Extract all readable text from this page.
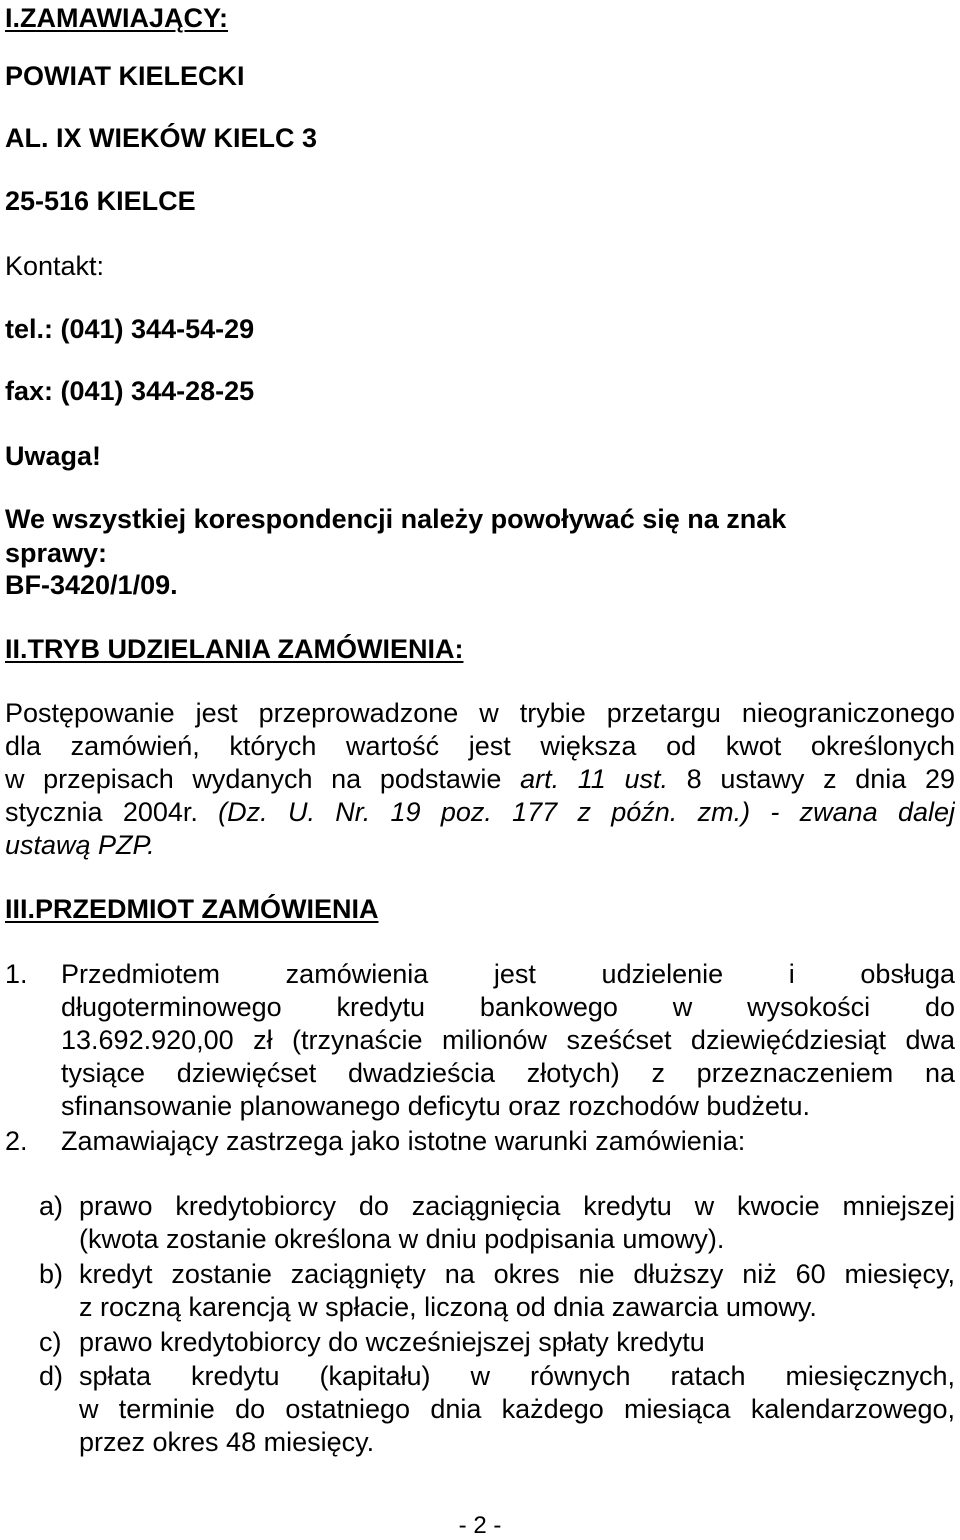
I.ZAMAWIAJĄCY:
POWIAT KIELECKI
AL. IX WIEKÓW KIELC 3
25-516 KIELCE
Kontakt:
tel.: (041) 344-54-29
fax: (041) 344-28-25
Uwaga!
We wszystkiej korespondencji należy powoływać się na znak
sprawy:
BF-3420/1/09.
II.TRYB UDZIELANIA ZAMÓWIENIA:
Postępowanie jest przeprowadzone w trybie przetargu nieograniczonego
dla zamówień, których wartość jest większa od kwot określonych
w przepisach wydanych na podstawie art. 11 ust. 8 ustawy z dnia 29
stycznia 2004r. (Dz. U. Nr. 19 poz. 177 z późn. zm.) - zwana dalej
ustawą PZP.
III.PRZEDMIOT ZAMÓWIENIA
1. Przedmiotem zamówienia jest udzielenie i obsługa
długoterminowego kredytu bankowego w wysokości do
13.692.920,00 zł (trzynaście milionów sześćset dziewięćdziesiąt dwa
tysiące dziewięćset dwadzieścia złotych) z przeznaczeniem na
sfinansowanie planowanego deficytu oraz rozchodów budżetu.
2. Zamawiający zastrzega jako istotne warunki zamówienia:
a) prawo kredytobiorcy do zaciągnięcia kredytu w kwocie mniejszej
(kwota zostanie określona w dniu podpisania umowy).
b) kredyt zostanie zaciągnięty na okres nie dłuższy niż 60 miesięcy,
z roczną karencją w spłacie, liczoną od dnia zawarcia umowy.
c) prawo kredytobiorcy do wcześniejszej spłaty kredytu
d) spłata kredytu (kapitału) w równych ratach miesięcznych,
w terminie do ostatniego dnia każdego miesiąca kalendarzowego,
przez okres 48 miesięcy.
- 2 -
